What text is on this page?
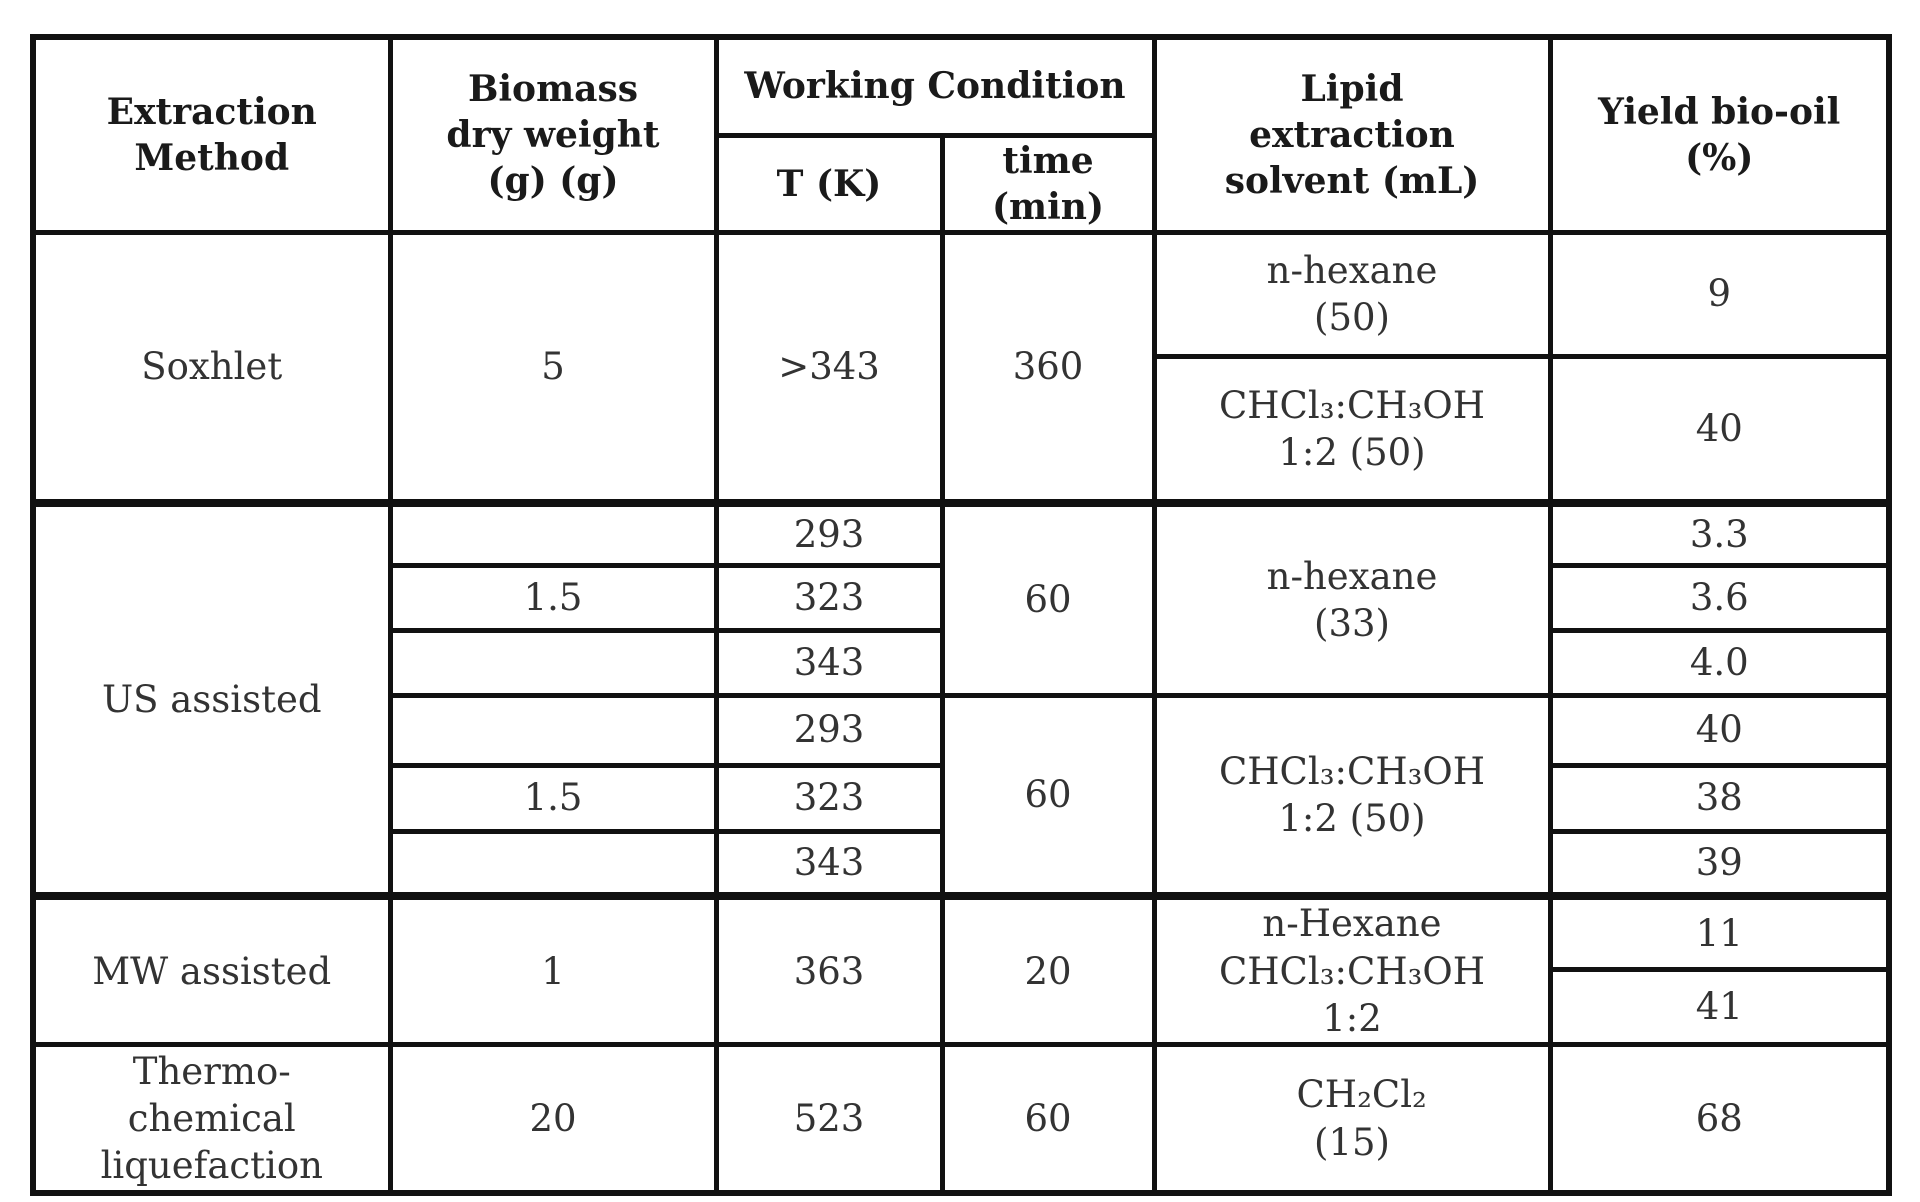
Extraction Method	Biomass dry weight (g) (g)	Working Condition		Lipid extraction solvent (mL)	Yield bio-oil (%)
		T (K)	time (min)		
Soxhlet	5	>343	360	n-hexane (50)	9
				CHCl₃:CH₃OH 1:2 (50)	40
US assisted		293	60	n-hexane (33)	3.3
	1.5	323			3.6
		343			4.0
		293	60	CHCl₃:CH₃OH 1:2 (50)	40
	1.5	323			38
		343			39
MW assisted	1	363	20	n-Hexane CHCl₃:CH₃OH 1:2	11
					41
Thermo-chemical liquefaction	20	523	60	CH₂Cl₂ (15)	68
